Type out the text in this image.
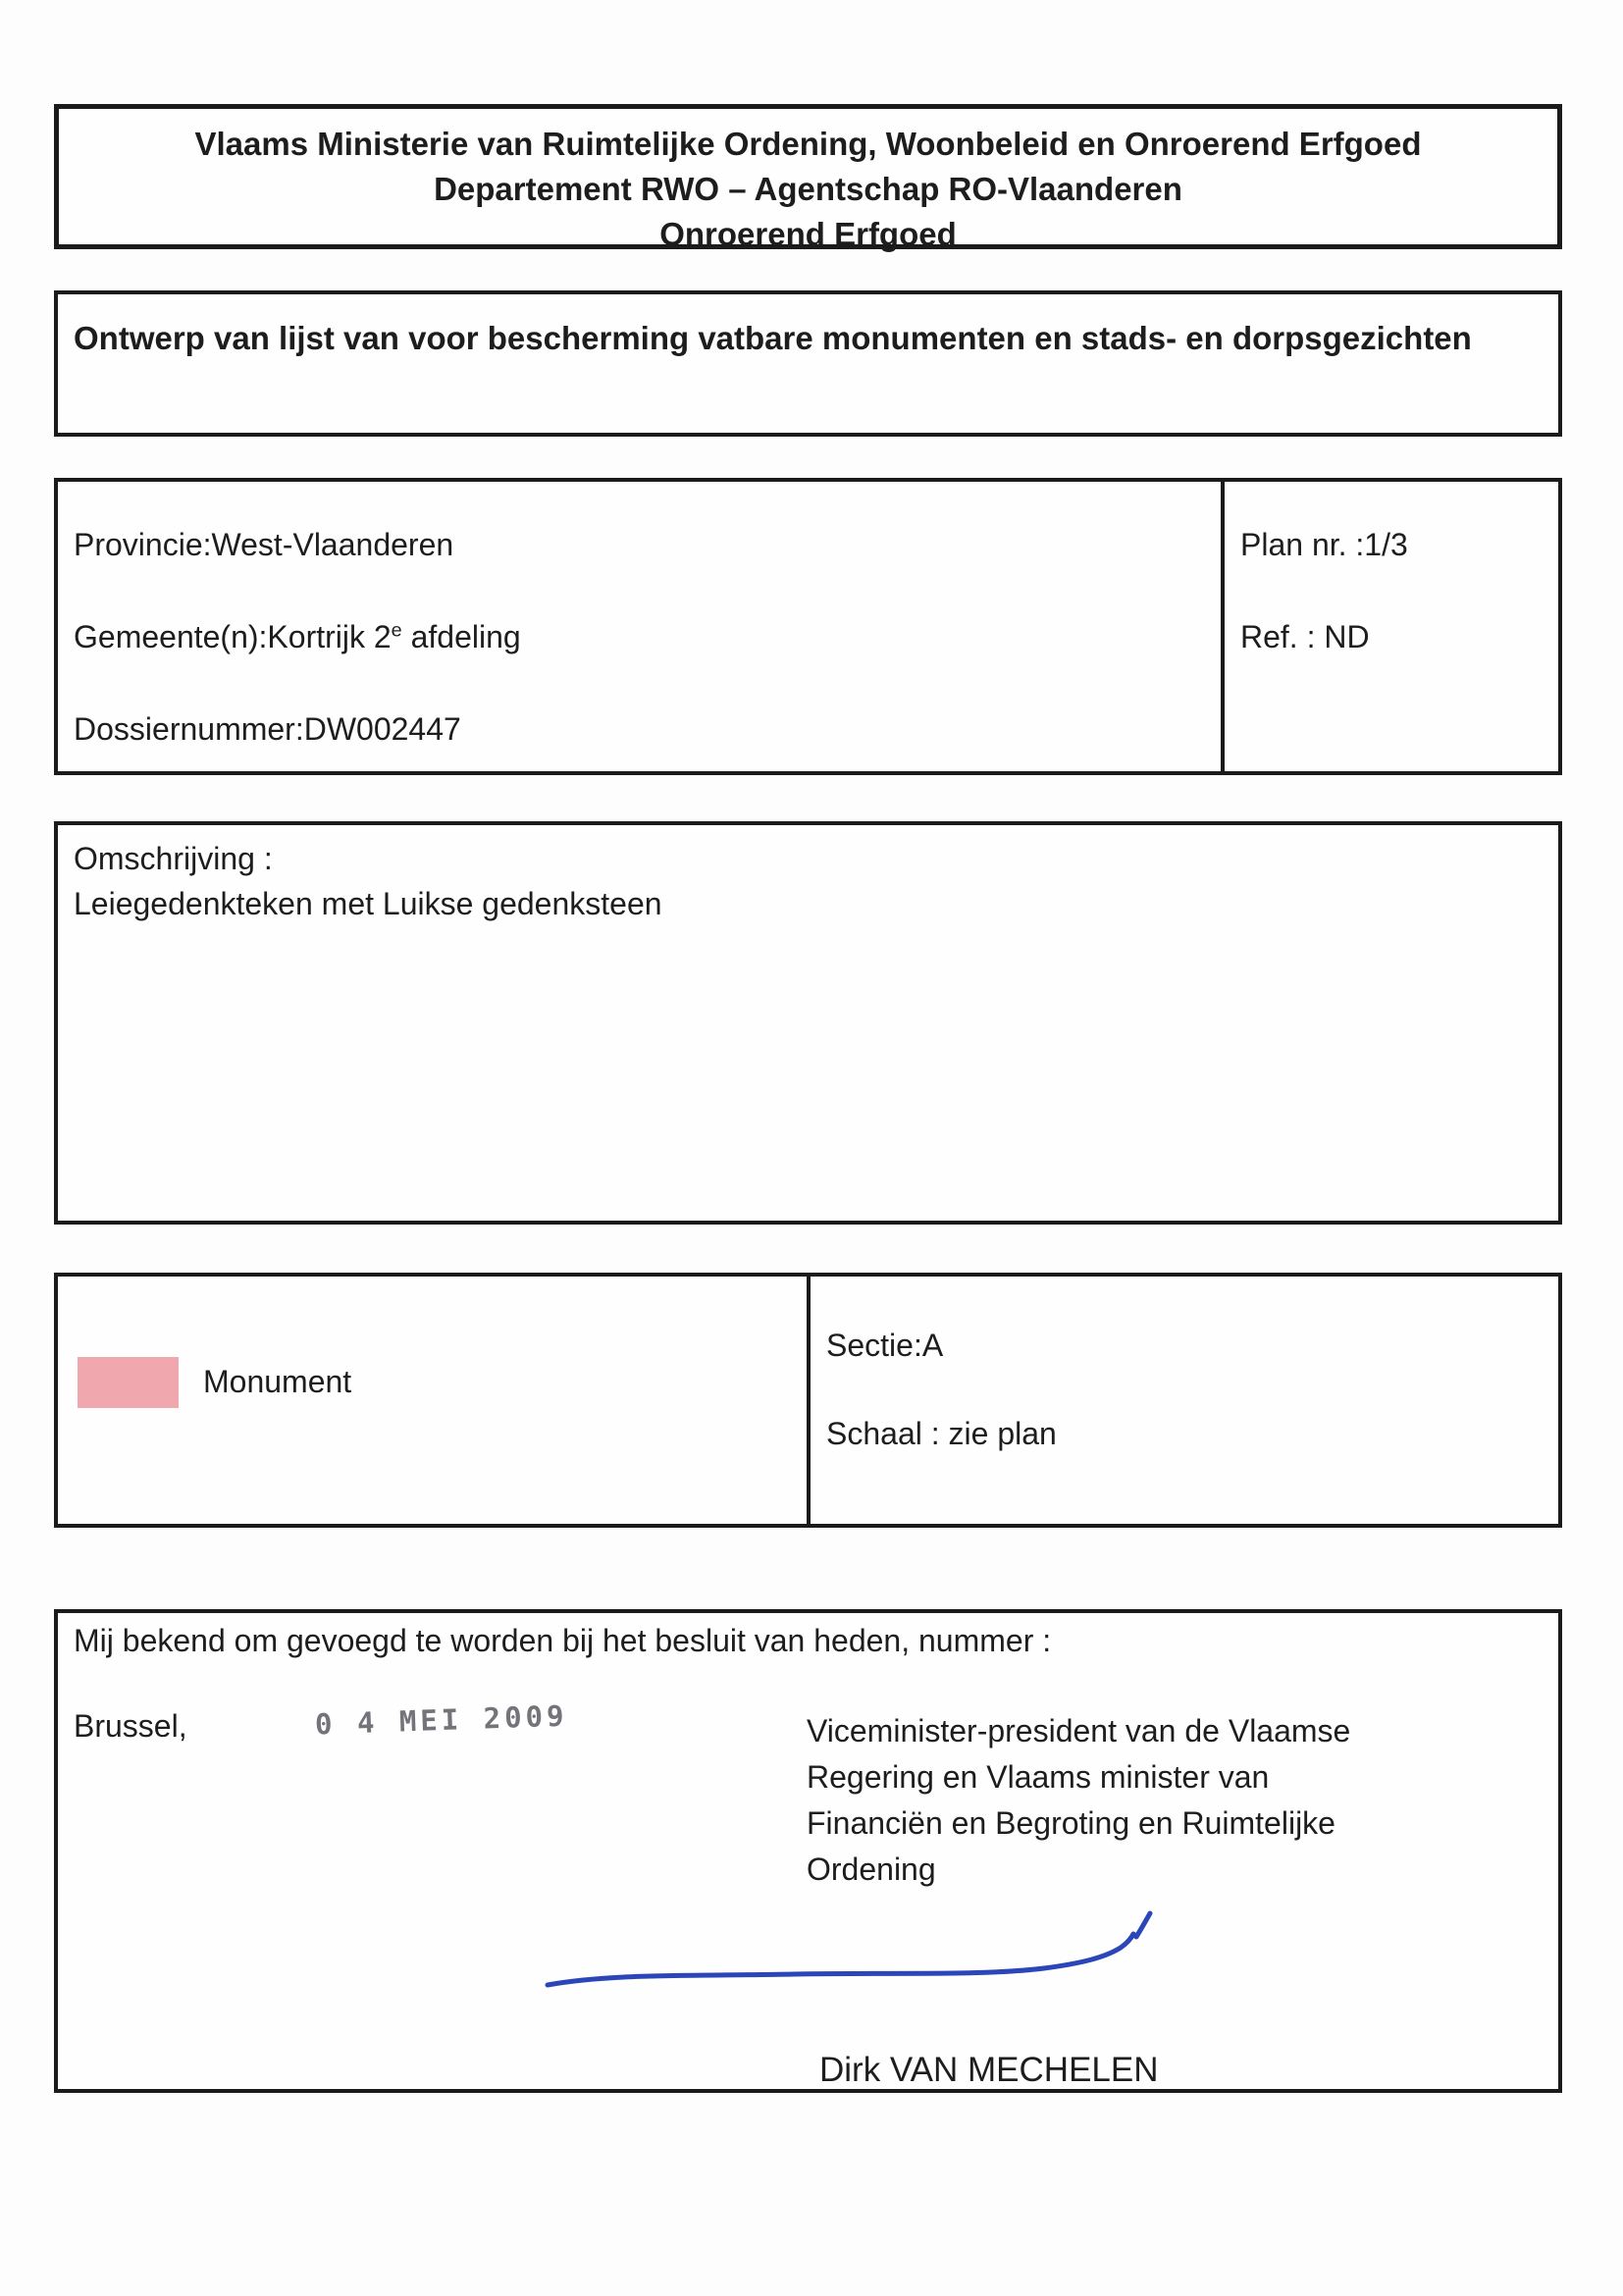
Vlaams Ministerie van Ruimtelijke Ordening, Woonbeleid en Onroerend Erfgoed
Departement RWO – Agentschap RO-Vlaanderen
Onroerend Erfgoed
Ontwerp van lijst van voor bescherming vatbare monumenten en stads- en dorpsgezichten
Provincie:West-Vlaanderen
Gemeente(n):Kortrijk 2e afdeling
Dossiernummer:DW002447
Plan nr. :1/3
Ref. : ND
Omschrijving :
Leiegedenkteken met Luikse gedenksteen
Monument
Sectie:A
Schaal : zie plan
Mij bekend om gevoegd te worden bij het besluit van heden, nummer :
Brussel,	0 4 MEI 2009	Viceminister-president van de Vlaamse
Regering en Vlaams minister van
Financiën en Begroting en Ruimtelijke
Ordening
Dirk VAN MECHELEN
